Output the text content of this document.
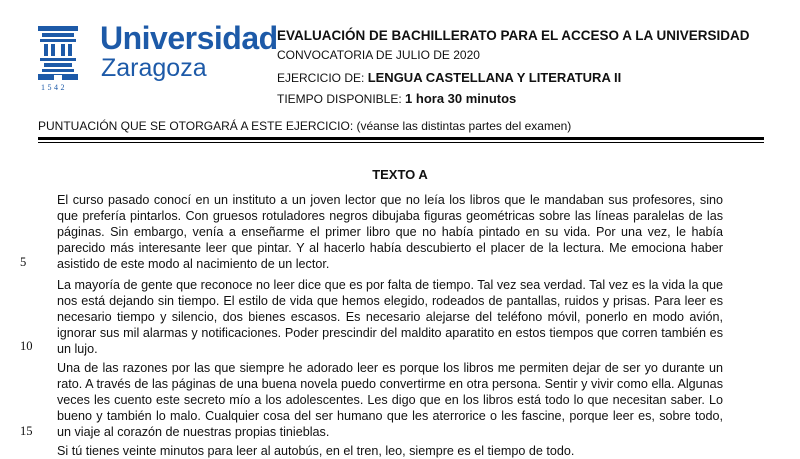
Universidad
Zaragoza
1542
EVALUACIÓN DE BACHILLERATO PARA EL ACCESO A LA UNIVERSIDAD
CONVOCATORIA DE JULIO DE 2020
EJERCICIO DE: LENGUA CASTELLANA Y LITERATURA II
TIEMPO DISPONIBLE: 1 hora 30 minutos
PUNTUACIÓN QUE SE OTORGARÁ A ESTE EJERCICIO: (véanse las distintas partes del examen)
TEXTO A

El curso pasado conocí en un instituto a un joven lector que no leía los libros que le mandaban sus profesores, sino que prefería pintarlos. Con gruesos rotuladores negros dibujaba figuras geométricas sobre las líneas paralelas de las páginas. Sin embargo, venía a enseñarme el primer libro que no había pintado en su vida. Por una vez, le había parecido más interesante leer que pintar. Y al hacerlo había descubierto el placer de la lectura. Me emociona haber asistido de este modo al nacimiento de un lector.

La mayoría de gente que reconoce no leer dice que es por falta de tiempo. Tal vez sea verdad. Tal vez es la vida la que nos está dejando sin tiempo. El estilo de vida que hemos elegido, rodeados de pantallas, ruidos y prisas. Para leer es necesario tiempo y silencio, dos bienes escasos. Es necesario alejarse del teléfono móvil, ponerlo en modo avión, ignorar sus mil alarmas y notificaciones. Poder prescindir del maldito aparatito en estos tiempos que corren también es un lujo.

Una de las razones por las que siempre he adorado leer es porque los libros me permiten dejar de ser yo durante un rato. A través de las páginas de una buena novela puedo convertirme en otra persona. Sentir y vivir como ella. Algunas veces les cuento este secreto mío a los adolescentes. Les digo que en los libros está todo lo que necesitan saber. Lo bueno y también lo malo. Cualquier cosa del ser humano que les aterrorice o les fascine, porque leer es, sobre todo, un viaje al corazón de nuestras propias tinieblas.

Si tú tienes veinte minutos para leer al autobús, en el tren, leo, siempre es el tiempo de todo.

5
10
15
